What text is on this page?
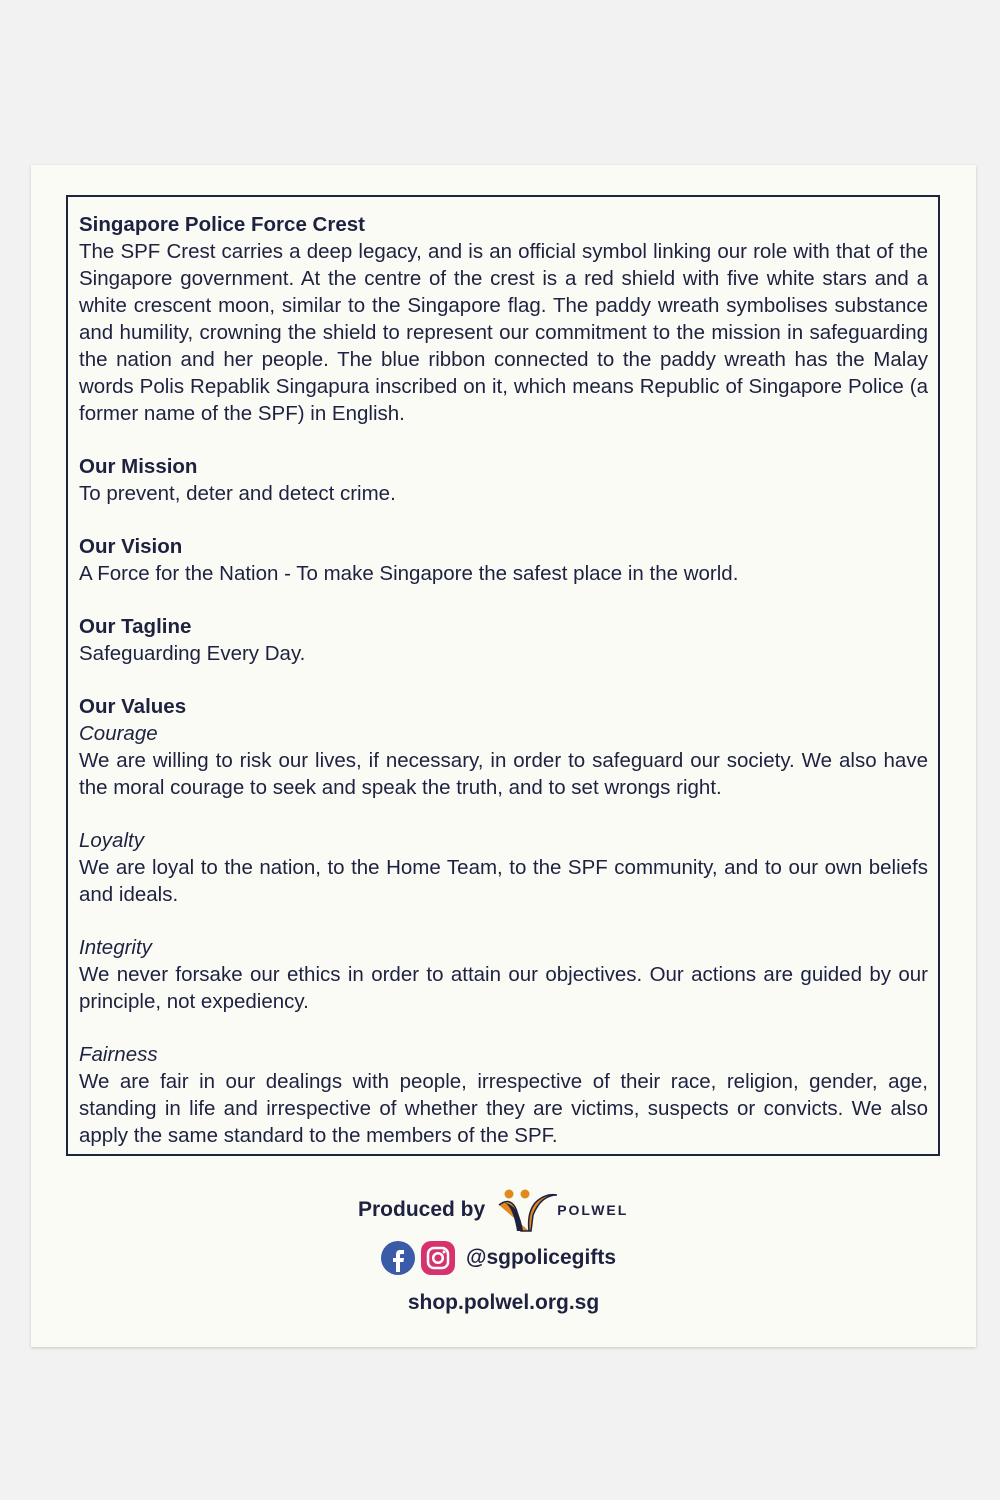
Singapore Police Force Crest
The SPF Crest carries a deep legacy, and is an official symbol linking our role with that of the Singapore government. At the centre of the crest is a red shield with five white stars and a white crescent moon, similar to the Singapore flag. The paddy wreath symbolises substance and humility, crowning the shield to represent our commitment to the mission in safeguarding the nation and her people. The blue ribbon connected to the paddy wreath has the Malay words Polis Repablik Singapura inscribed on it, which means Republic of Singapore Police (a former name of the SPF) in English.
Our Mission
To prevent, deter and detect crime.
Our Vision
A Force for the Nation - To make Singapore the safest place in the world.
Our Tagline
Safeguarding Every Day.
Our Values
Courage
We are willing to risk our lives, if necessary, in order to safeguard our society. We also have the moral courage to seek and speak the truth, and to set wrongs right.
Loyalty
We are loyal to the nation, to the Home Team, to the SPF community, and to our own beliefs and ideals.
Integrity
We never forsake our ethics in order to attain our objectives. Our actions are guided by our principle, not expediency.
Fairness
We are fair in our dealings with people, irrespective of their race, religion, gender, age, standing in life and irrespective of whether they are victims, suspects or convicts. We also apply the same standard to the members of the SPF.
Produced by	POLWEL
@sgpolicegifts
shop.polwel.org.sg
